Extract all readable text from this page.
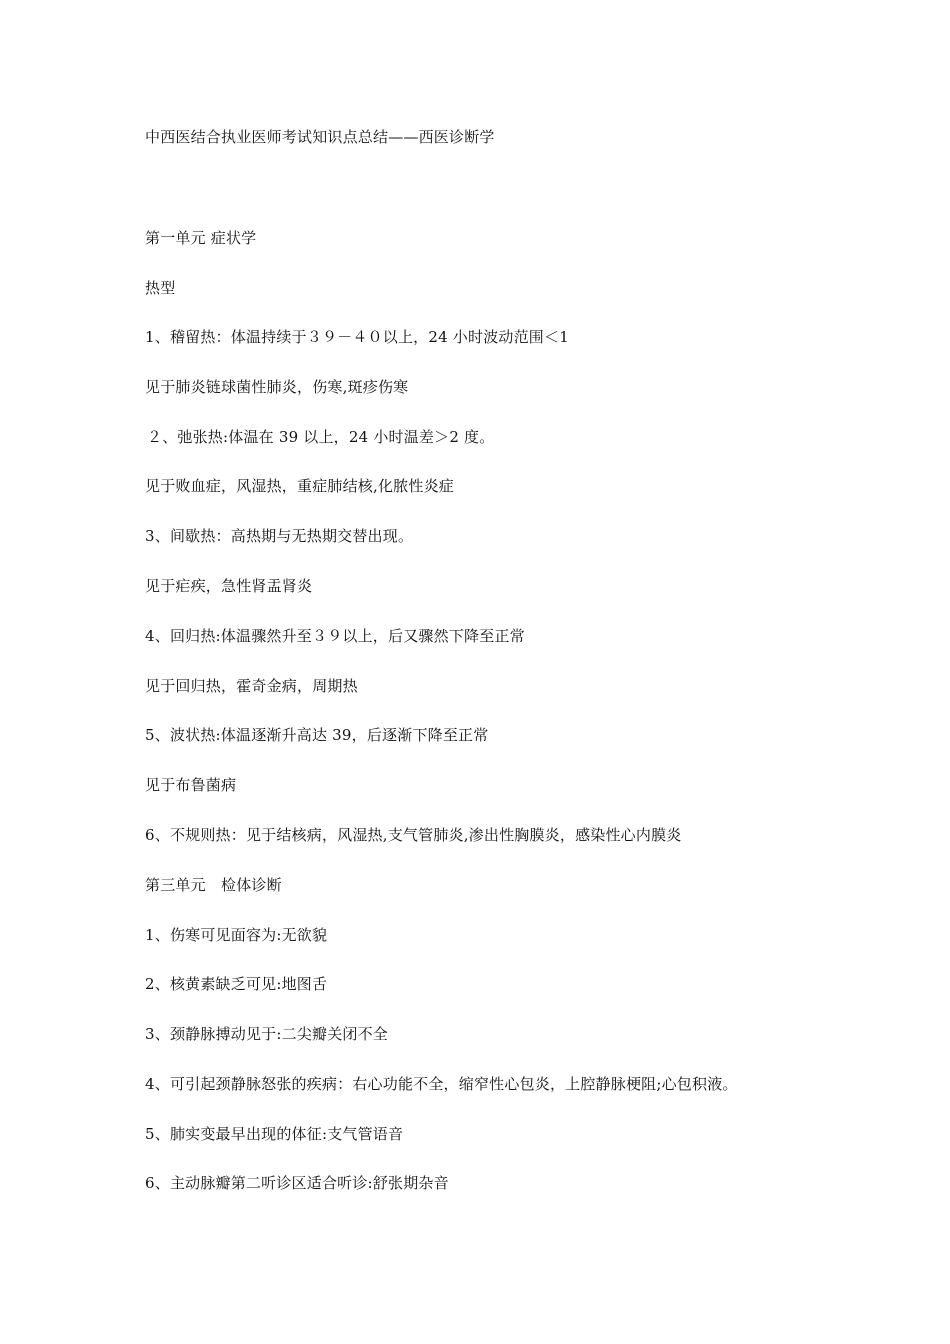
中西医结合执业医师考试知识点总结——西医诊断学
第一单元 症状学
热型
1、稽留热：体温持续于３９－４０以上，24 小时波动范围＜1
见于肺炎链球菌性肺炎，伤寒,斑疹伤寒
２、弛张热:体温在 39 以上，24 小时温差＞2 度。
见于败血症，风湿热，重症肺结核,化脓性炎症
3、间歇热：高热期与无热期交替出现。
见于疟疾，急性肾盂肾炎
4、回归热:体温骤然升至３９以上，后又骤然下降至正常
见于回归热，霍奇金病，周期热
5、波状热:体温逐渐升高达 39，后逐渐下降至正常
见于布鲁菌病
6、不规则热：见于结核病，风湿热,支气管肺炎,渗出性胸膜炎，感染性心内膜炎
第三单元　检体诊断
1、伤寒可见面容为:无欲貌
2、核黄素缺乏可见:地图舌
3、颈静脉搏动见于:二尖瓣关闭不全
4、可引起颈静脉怒张的疾病：右心功能不全，缩窄性心包炎，上腔静脉梗阻;心包积液。
5、肺实变最早出现的体征:支气管语音
6、主动脉瓣第二听诊区适合听诊:舒张期杂音
